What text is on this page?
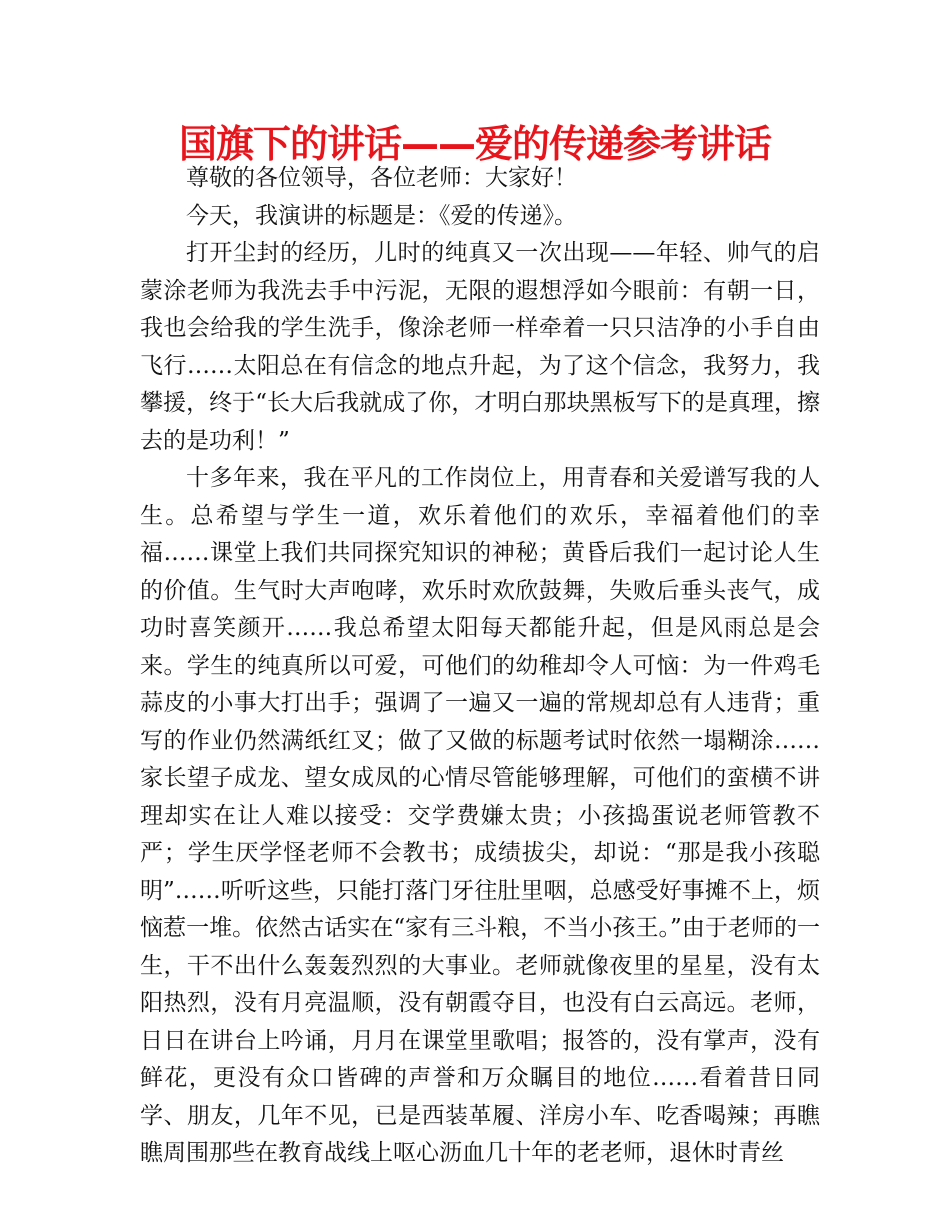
国旗下的讲话——爱的传递参考讲话

尊敬的各位领导，各位老师：大家好！

今天，我演讲的标题是：《爱的传递》。

打开尘封的经历，儿时的纯真又一次出现——年轻、帅气的启蒙涂老师为我洗去手中污泥，无限的遐想浮如今眼前：有朝一日，我也会给我的学生洗手，像涂老师一样牵着一只只洁净的小手自由飞行……太阳总在有信念的地点升起，为了这个信念，我努力，我攀援，终于“长大后我就成了你，才明白那块黑板写下的是真理，擦去的是功利！”

十多年来，我在平凡的工作岗位上，用青春和关爱谱写我的人生。总希望与学生一道，欢乐着他们的欢乐，幸福着他们的幸福……课堂上我们共同探究知识的神秘；黄昏后我们一起讨论人生的价值。生气时大声咆哮，欢乐时欢欣鼓舞，失败后垂头丧气，成功时喜笑颜开……我总希望太阳每天都能升起，但是风雨总是会来。学生的纯真所以可爱，可他们的幼稚却令人可恼：为一件鸡毛蒜皮的小事大打出手；强调了一遍又一遍的常规却总有人违背；重写的作业仍然满纸红叉；做了又做的标题考试时依然一塌糊涂……家长望子成龙、望女成凤的心情尽管能够理解，可他们的蛮横不讲理却实在让人难以接受：交学费嫌太贵；小孩捣蛋说老师管教不严；学生厌学怪老师不会教书；成绩拔尖，却说：“那是我小孩聪明”……听听这些，只能打落门牙往肚里咽，总感受好事摊不上，烦恼惹一堆。依然古话实在“家有三斗粮，不当小孩王。”由于老师的一生，干不出什么轰轰烈烈的大事业。老师就像夜里的星星，没有太阳热烈，没有月亮温顺，没有朝霞夺目，也没有白云高远。老师，日日在讲台上吟诵，月月在课堂里歌唱；报答的，没有掌声，没有鲜花，更没有众口皆碑的声誉和万众瞩目的地位……看着昔日同学、朋友，几年不见，已是西装革履、洋房小车、吃香喝辣；再瞧瞧周围那些在教育战线上呕心沥血几十年的老老师，退休时青丝
